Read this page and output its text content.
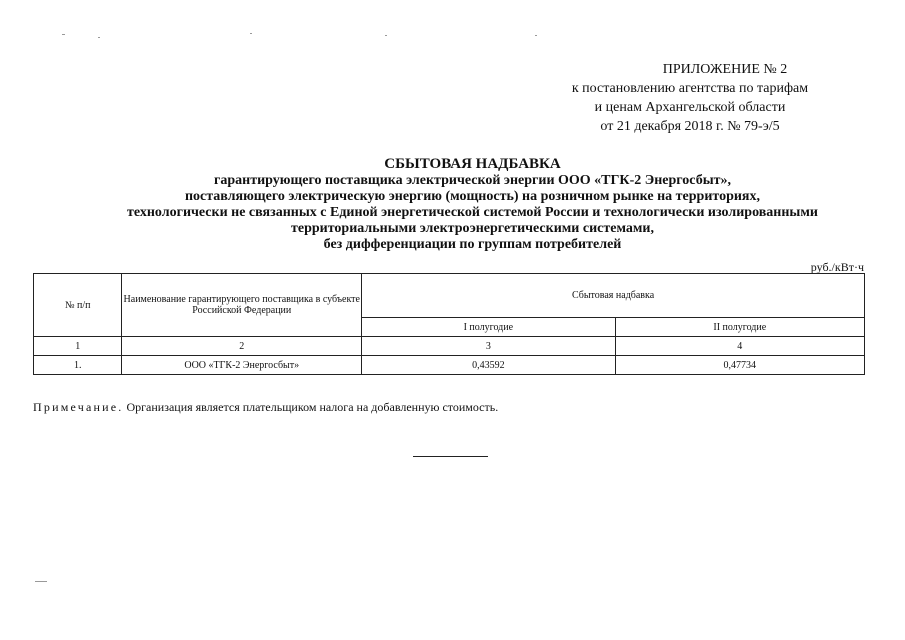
ПРИЛОЖЕНИЕ № 2
к постановлению агентства по тарифам
и ценам Архангельской области
от 21 декабря 2018 г. № 79-э/5
СБЫТОВАЯ НАДБАВКА
гарантирующего поставщика электрической энергии ООО «ТГК-2 Энергосбыт»,
поставляющего электрическую энергию (мощность) на розничном рынке на территориях,
технологически не связанных с Единой энергетической системой России и технологически изолированными
территориальными электроэнергетическими системами,
без дифференциации по группам потребителей
руб./кВт·ч
№ п/п	Наименование гарантирующего поставщика в субъекте Российской Федерации	Сбытовая надбавка	
		I полугодие	II полугодие
1	2	3	4
1.	ООО «ТГК-2 Энергосбыт»	0,43592	0,47734
Примечание. Организация является плательщиком налога на добавленную стоимость.
